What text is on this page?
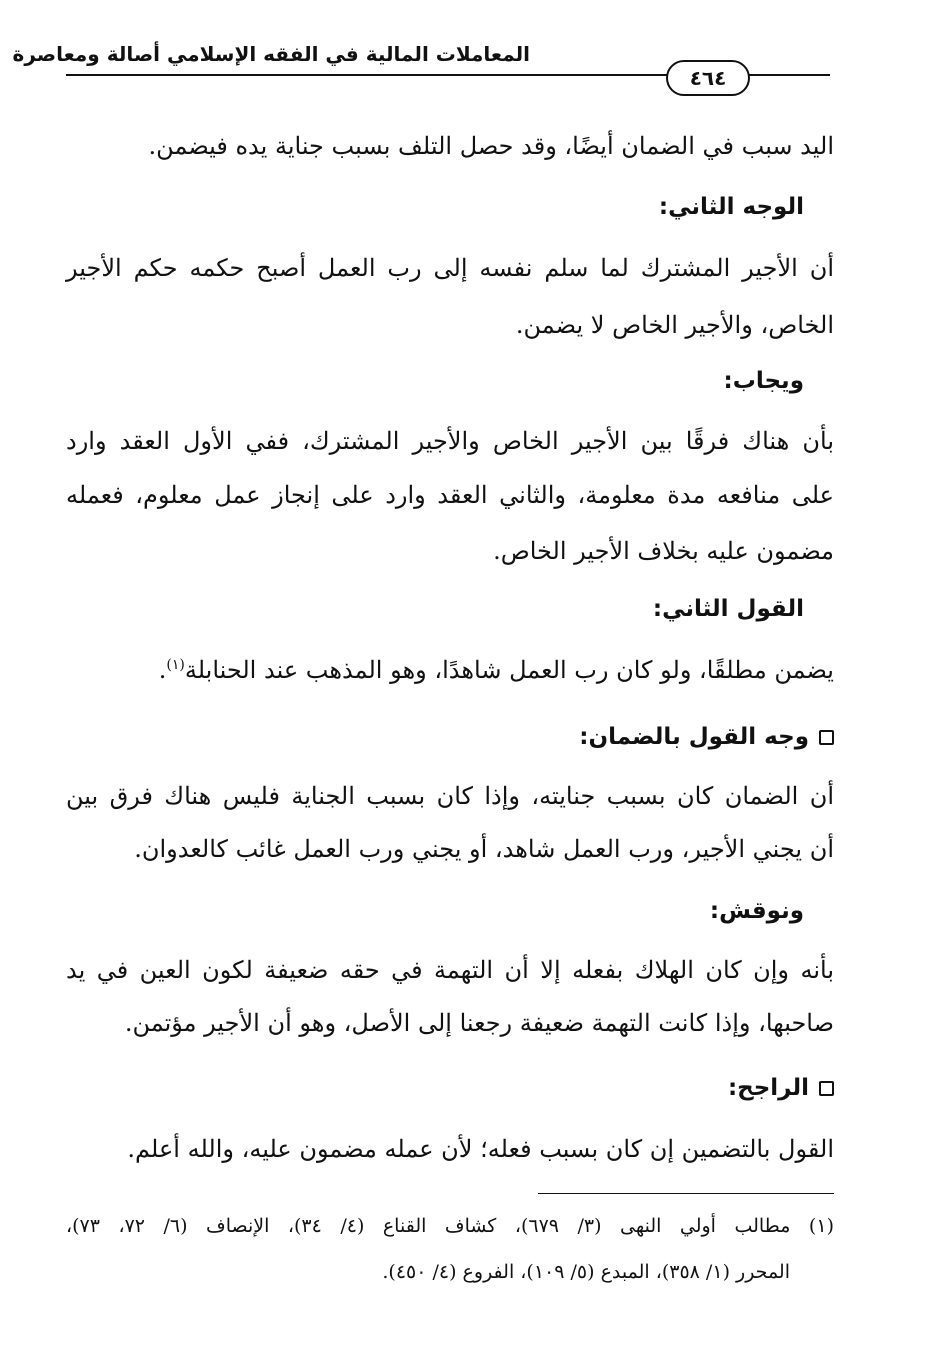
المعاملات المالية في الفقه الإسلامي أصالة ومعاصرة
٤٦٤
اليد سبب في الضمان أيضًا، وقد حصل التلف بسبب جناية يده فيضمن.
الوجه الثاني:
أن الأجير المشترك لما سلم نفسه إلى رب العمل أصبح حكمه حكم الأجير
الخاص، والأجير الخاص لا يضمن.
ويجاب:
بأن هناك فرقًا بين الأجير الخاص والأجير المشترك، ففي الأول العقد وارد
على منافعه مدة معلومة، والثاني العقد وارد على إنجاز عمل معلوم، فعمله
مضمون عليه بخلاف الأجير الخاص.
القول الثاني:
يضمن مطلقًا، ولو كان رب العمل شاهدًا، وهو المذهب عند الحنابلة$^{(١)}$.
وجه القول بالضمان:
أن الضمان كان بسبب جنايته، وإذا كان بسبب الجناية فليس هناك فرق بين
أن يجني الأجير، ورب العمل شاهد، أو يجني ورب العمل غائب كالعدوان.
ونوقش:
بأنه وإن كان الهلاك بفعله إلا أن التهمة في حقه ضعيفة لكون العين في يد
صاحبها، وإذا كانت التهمة ضعيفة رجعنا إلى الأصل، وهو أن الأجير مؤتمن.
الراجح:
القول بالتضمين إن كان بسبب فعله؛ لأن عمله مضمون عليه، والله أعلم.
(١) مطالب أولي النهى (٣/ ٦٧٩)، كشاف القناع (٤/ ٣٤)، الإنصاف (٦/ ٧٢، ٧٣)،
المحرر (١/ ٣٥٨)، المبدع (٥/ ١٠٩)، الفروع (٤/ ٤٥٠).
